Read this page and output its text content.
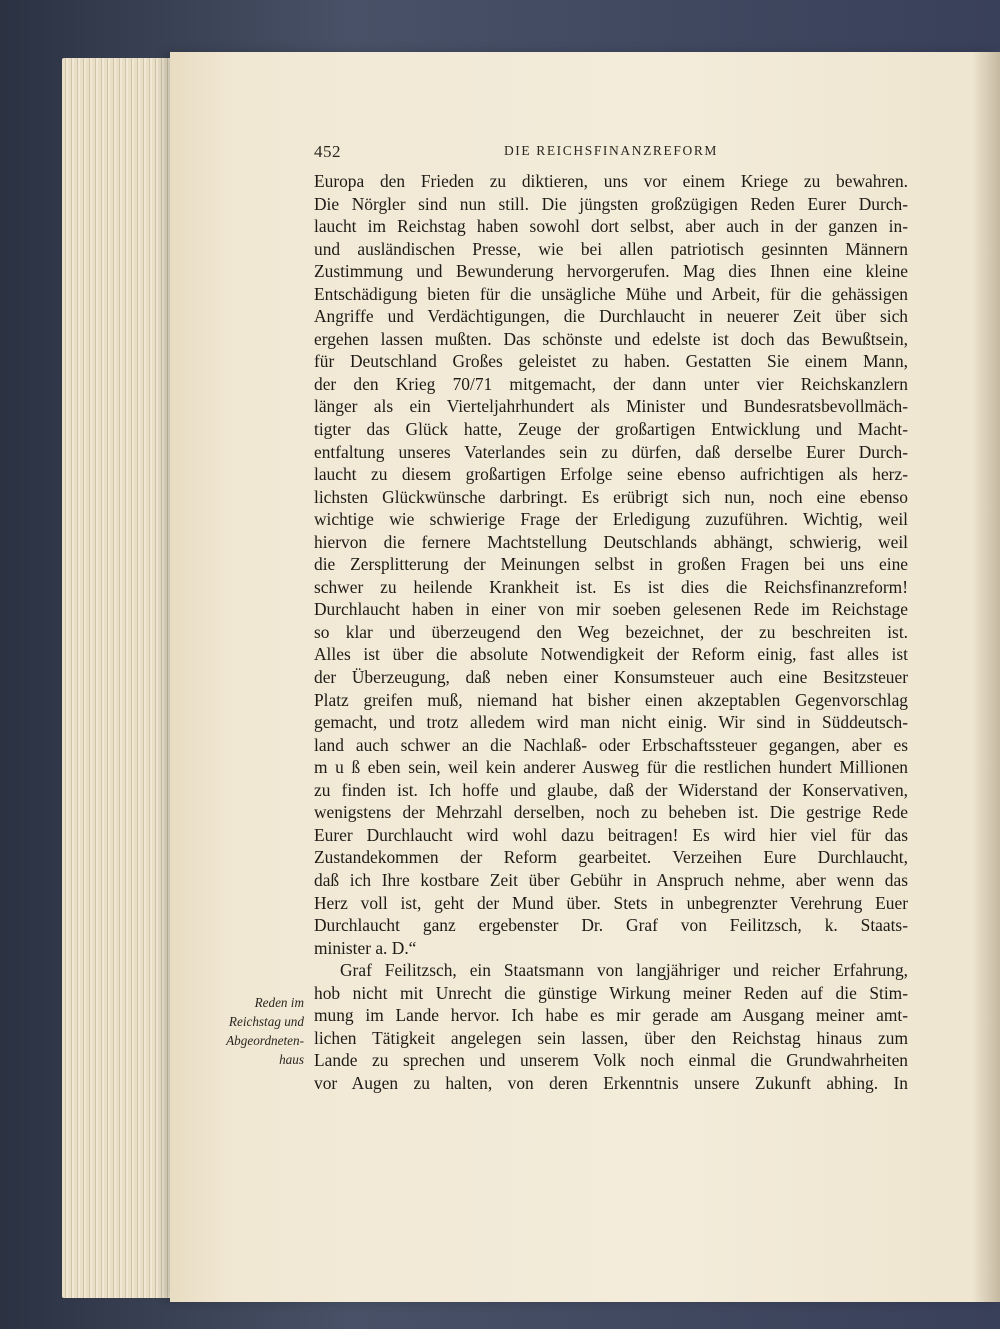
452	DIE REICHSFINANZREFORM
Europa den Frieden zu diktieren, uns vor einem Kriege zu bewahren.
Die Nörgler sind nun still. Die jüngsten großzügigen Reden Eurer Durch-
laucht im Reichstag haben sowohl dort selbst, aber auch in der ganzen in-
und ausländischen Presse, wie bei allen patriotisch gesinnten Männern
Zustimmung und Bewunderung hervorgerufen. Mag dies Ihnen eine kleine
Entschädigung bieten für die unsägliche Mühe und Arbeit, für die gehässigen
Angriffe und Verdächtigungen, die Durchlaucht in neuerer Zeit über sich
ergehen lassen mußten. Das schönste und edelste ist doch das Bewußtsein,
für Deutschland Großes geleistet zu haben. Gestatten Sie einem Mann,
der den Krieg 70/71 mitgemacht, der dann unter vier Reichskanzlern
länger als ein Vierteljahrhundert als Minister und Bundesratsbevollmäch-
tigter das Glück hatte, Zeuge der großartigen Entwicklung und Macht-
entfaltung unseres Vaterlandes sein zu dürfen, daß derselbe Eurer Durch-
laucht zu diesem großartigen Erfolge seine ebenso aufrichtigen als herz-
lichsten Glückwünsche darbringt. Es erübrigt sich nun, noch eine ebenso
wichtige wie schwierige Frage der Erledigung zuzuführen. Wichtig, weil
hiervon die fernere Machtstellung Deutschlands abhängt, schwierig, weil
die Zersplitterung der Meinungen selbst in großen Fragen bei uns eine
schwer zu heilende Krankheit ist. Es ist dies die Reichsfinanzreform!
Durchlaucht haben in einer von mir soeben gelesenen Rede im Reichstage
so klar und überzeugend den Weg bezeichnet, der zu beschreiten ist.
Alles ist über die absolute Notwendigkeit der Reform einig, fast alles ist
der Überzeugung, daß neben einer Konsumsteuer auch eine Besitzsteuer
Platz greifen muß, niemand hat bisher einen akzeptablen Gegenvorschlag
gemacht, und trotz alledem wird man nicht einig. Wir sind in Süddeutsch-
land auch schwer an die Nachlaß- oder Erbschaftssteuer gegangen, aber es
m u ß eben sein, weil kein anderer Ausweg für die restlichen hundert Millionen
zu finden ist. Ich hoffe und glaube, daß der Widerstand der Konservativen,
wenigstens der Mehrzahl derselben, noch zu beheben ist. Die gestrige Rede
Eurer Durchlaucht wird wohl dazu beitragen! Es wird hier viel für das
Zustandekommen der Reform gearbeitet. Verzeihen Eure Durchlaucht,
daß ich Ihre kostbare Zeit über Gebühr in Anspruch nehme, aber wenn das
Herz voll ist, geht der Mund über. Stets in unbegrenzter Verehrung Euer
Durchlaucht ganz ergebenster Dr. Graf von Feilitzsch, k. Staats-
minister a. D.“
Graf Feilitzsch, ein Staatsmann von langjähriger und reicher Erfahrung,
hob nicht mit Unrecht die günstige Wirkung meiner Reden auf die Stim-
mung im Lande hervor. Ich habe es mir gerade am Ausgang meiner amt-
lichen Tätigkeit angelegen sein lassen, über den Reichstag hinaus zum
Lande zu sprechen und unserem Volk noch einmal die Grundwahrheiten
vor Augen zu halten, von deren Erkenntnis unsere Zukunft abhing. In
Reden im
Reichstag und
Abgeordneten-
haus
